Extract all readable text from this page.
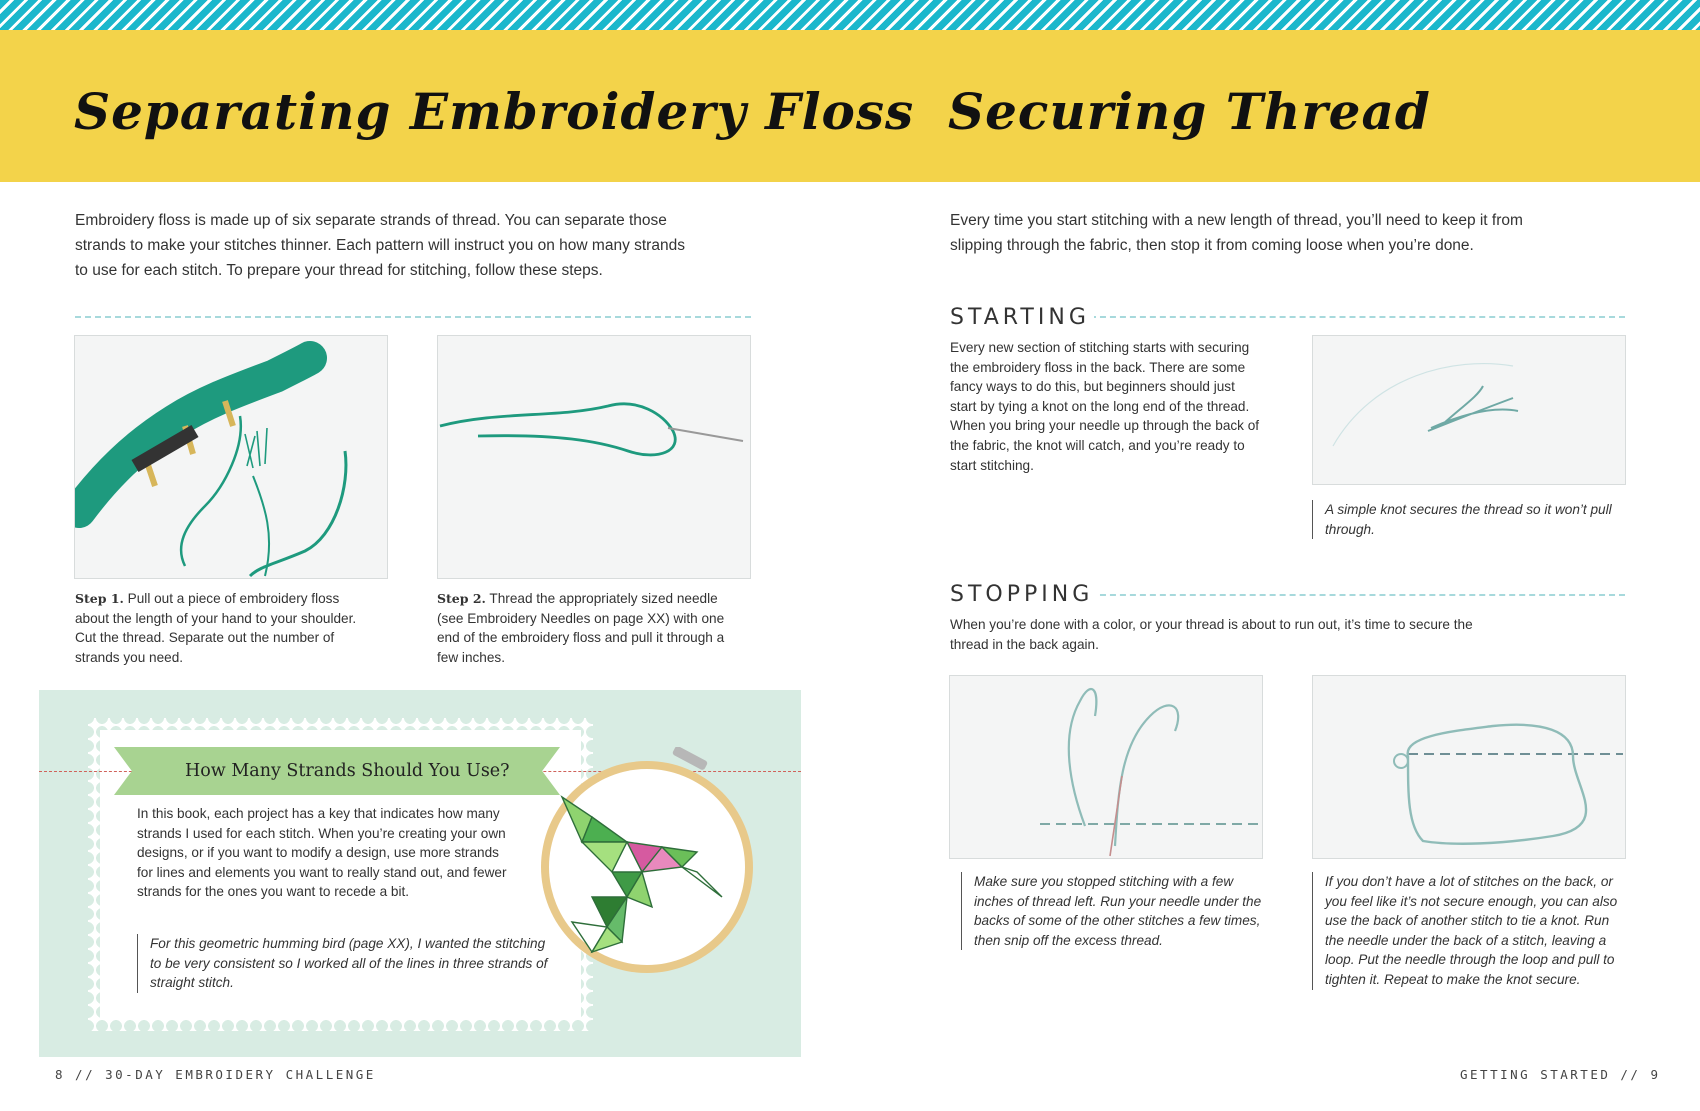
Separating Embroidery Floss
Embroidery floss is made up of six separate strands of thread. You can separate those
strands to make your stitches thinner. Each pattern will instruct you on how many strands
to use for each stitch. To prepare your thread for stitching, follow these steps.
Step 1. Pull out a piece of embroidery floss about the length of your hand to your shoulder. Cut the thread. Separate out the number of strands you need.
Step 2. Thread the appropriately sized needle (see Embroidery Needles on page XX) with one end of the embroidery floss and pull it through a few inches.
How Many Strands Should You Use?
In this book, each project has a key that indicates how many strands I used for each stitch. When you’re creating your own designs, or if you want to modify a design, use more strands for lines and elements you want to really stand out, and fewer strands for the ones you want to recede a bit.
For this geometric humming bird (page XX), I wanted the stitching to be very consistent so I worked all of the lines in three strands of straight stitch.
8 // 30-DAY EMBROIDERY CHALLENGE
Securing Thread
Every time you start stitching with a new length of thread, you’ll need to keep it from
slipping through the fabric, then stop it from coming loose when you’re done.
STARTING
Every new section of stitching starts with securing the embroidery floss in the back. There are some fancy ways to do this, but beginners should just start by tying a knot on the long end of the thread. When you bring your needle up through the back of the fabric, the knot will catch, and you’re ready to start stitching.
A simple knot secures the thread so it won’t pull through.
STOPPING
When you’re done with a color, or your thread is about to run out, it’s time to secure the thread in the back again.
Make sure you stopped stitching with a few inches of thread left. Run your needle under the backs of some of the other stitches a few times, then snip off the excess thread.
If you don’t have a lot of stitches on the back, or you feel like it’s not secure enough, you can also use the back of another stitch to tie a knot. Run the needle under the back of a stitch, leaving a loop. Put the needle through the loop and pull to tighten it. Repeat to make the knot secure.
GETTING STARTED // 9
